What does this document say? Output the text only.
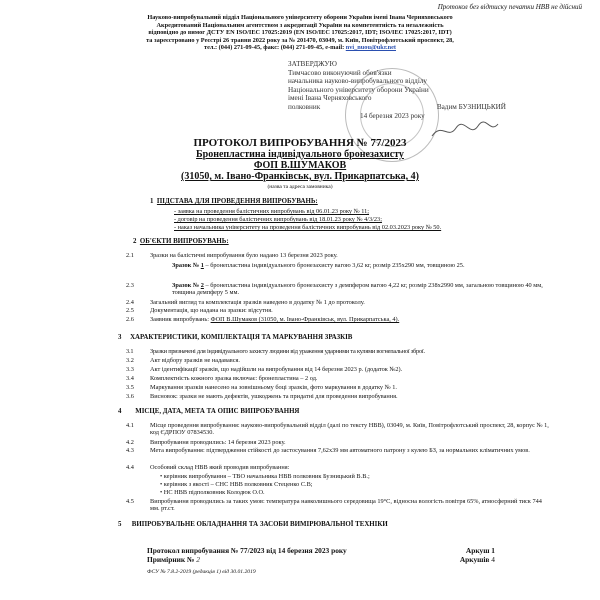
Протокол без відтиску печатки НВВ не дійсний
Науково-випробувальний відділ Національного університету оборони України імені Івана Черняховського
Акредитований Національним агентством з акредитації України на компетентність та незалежність
відповідно до вимог ДСТУ EN ISO/IEC 17025:2019 (EN ISO/IEC 17025:2017, IDT; ISO/IEC 17025:2017, IDT)
та зареєстровано у Реєстрі 26 травня 2022 року за № 201470, 03049, м. Київ, Повітрофлотський проспект, 28,
тел.: (044) 271-09-45, факс: (044) 271-09-45, e-mail: nvi_nuou@ukr.net
ЗАТВЕРДЖУЮ
Тимчасово виконуючий обов'язки
начальника науково-випробувального відділу
Національного університету оборони України
імені Івана Черняховського
полковник	Вадим БУЗНИЦЬКИЙ
14 березня 2023 року
ПРОТОКОЛ ВИПРОБУВАННЯ № 77/2023
Бронепластина індивідуального бронезахисту
ФОП В.ШУМАКОВ
(31050, м. Івано-Франківськ, вул. Прикарпатська, 4)
(назва та адреса замовника)
1 ПІДСТАВА ДЛЯ ПРОВЕДЕННЯ ВИПРОБУВАНЬ:
- заявка на проведення балістичних випробувань від 06.01.23 року № 11;
- договір на проведення балістичних випробувань від 18.01.23 року № 4/3/23;
- наказ начальника університету на проведення балістичних випробувань від 02.03.2023 року № 50.
2 ОБ'ЄКТИ ВИПРОБУВАНЬ:
2.1	Зразки на балістичні випробування було надано 13 березня 2023 року.
Зразок № 1 – бронепластина індивідуального бронезахисту вагою 3,62 кг, розмір 235x290 мм, товщиною 25.
2.3	Зразок № 2 – бронепластина індивідуального бронезахисту з демпфером вагою 4,22 кг, розмір 238x2990 мм, загальною товщиною 40 мм, товщина демпферу 5 мм.
2.4	Загальний вигляд та комплектація зразків наведено в додатку № 1 до протоколу.
2.5	Документація, що надана на зразки: відсутня.
2.6	Заявник випробувань: ФОП В.Шумаков (31050, м. Івано-Франківськ, вул. Прикарпатська, 4).
3 ХАРАКТЕРИСТИКИ, КОМПЛЕКТАЦІЯ ТА МАРКУВАННЯ ЗРАЗКІВ
3.1	Зразки призначені для індивідуального захисту людини від ураження ударними та кулями вогнепальної зброї.
3.2	Акт відбору зразків не надавався.
3.3	Акт ідентифікації зразків, що надійшли на випробування від 14 березня 2023 р. (додаток №2).
3.4	Комплектність кожного зразка включає: бронепластина – 2 од.
3.5	Маркування зразків нанесено на зовнішньому боці зразків, фото маркування в додатку № 1.
3.6	Висновок: зразки не мають дефектів, ушкоджень та придатні для проведення випробування.
4 МІСЦЕ, ДАТА, МЕТА ТА ОПИС ВИПРОБУВАННЯ
4.1	Місце проведення випробування: науково-випробувальний відділ (далі по тексту НВВ), 03049, м. Київ, Повітрофлотський проспект, 28, корпус № 1, код ЄДРПОУ 07834530.
4.2	Випробування проводились: 14 березня 2023 року.
4.3	Мета випробування: підтвердження стійкості до застосування 7,62x39 мм автоматного патрону з кулею БЗ, за нормальних кліматичних умов.
4.4	Особовий склад НВВ який проводив випробування:
• керівник випробування – ТВО начальника НВВ полковник Бузницький В.В.;
• керівник з якості – СНС НВВ полковник Стеценко С.В;
• НС НВВ підполковник Колодюк О.О.
4.5	Випробування проводились за таких умов: температура навколишнього середовища 19°С, відносна вологість повітря 65%, атмосферний тиск 744 мм. рт.ст.
5 ВИПРОБУВАЛЬНЕ ОБЛАДНАННЯ ТА ЗАСОБИ ВИМІРЮВАЛЬНОЇ ТЕХНІКИ
Протокол випробування № 77/2023 від 14 березня 2023 року
Примірник № 2
Аркуш 1
Аркушів 4
ФСУ № 7.8.2-2019 (редакція 1) від 30.01.2019
